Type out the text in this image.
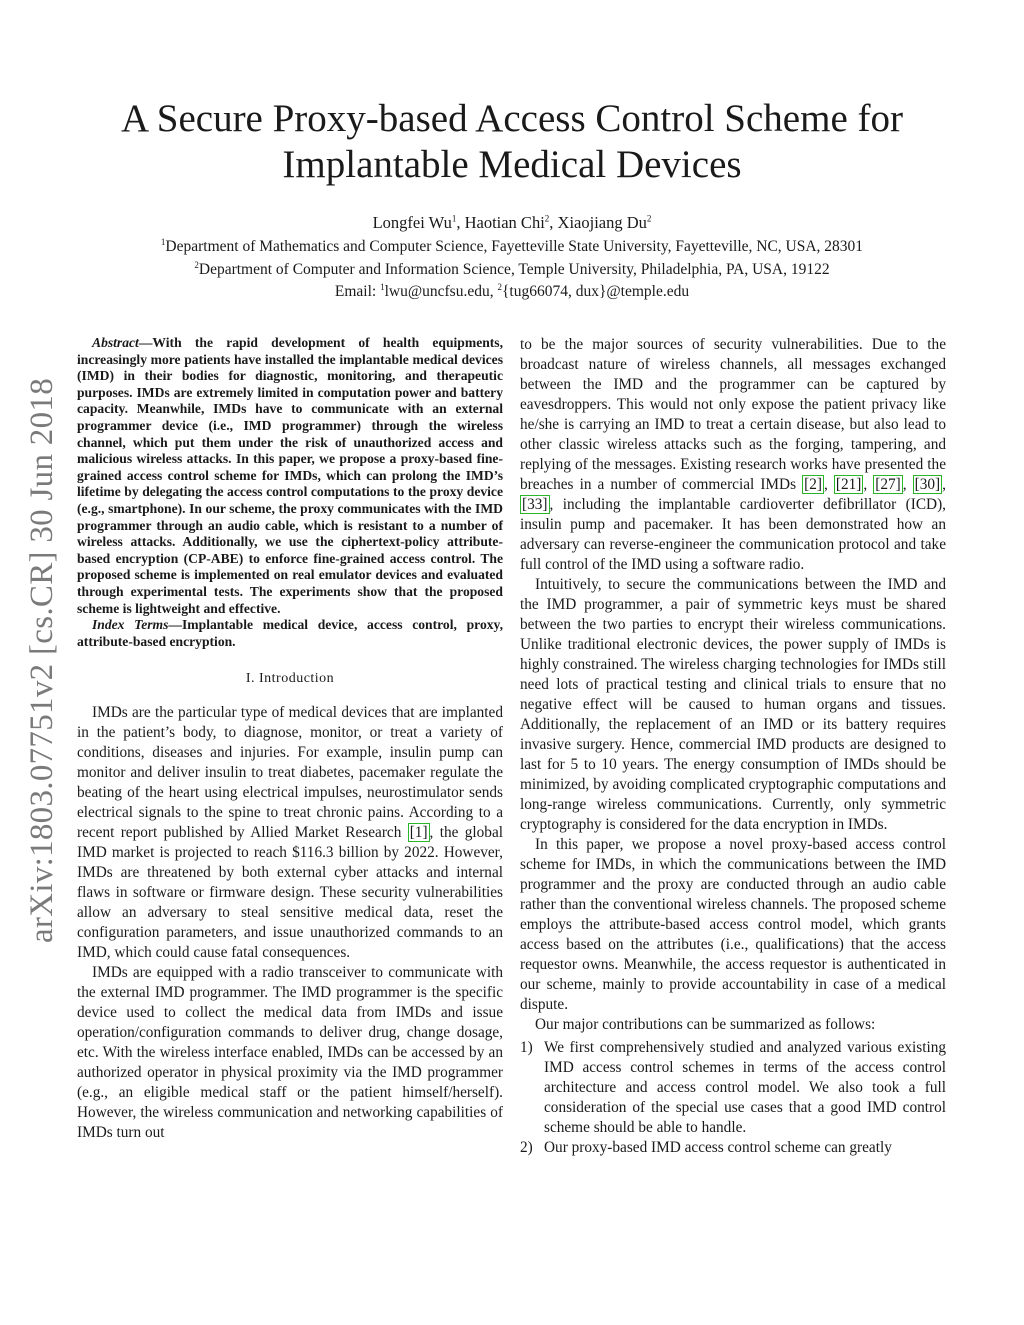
arXiv:1803.07751v2 [cs.CR] 30 Jun 2018
A Secure Proxy-based Access Control Scheme for
Implantable Medical Devices
Longfei Wu$^1$, Haotian Chi$^2$, Xiaojiang Du$^2$
$^1$Department of Mathematics and Computer Science, Fayetteville State University, Fayetteville, NC, USA, 28301
$^2$Department of Computer and Information Science, Temple University, Philadelphia, PA, USA, 19122
Email: $^1$lwu@uncfsu.edu, $^2${tug66074, dux}@temple.edu

Abstract—With the rapid development of health equipments, increasingly more patients have installed the implantable medical devices (IMD) in their bodies for diagnostic, monitoring, and therapeutic purposes. IMDs are extremely limited in computation power and battery capacity. Meanwhile, IMDs have to communicate with an external programmer device (i.e., IMD programmer) through the wireless channel, which put them under the risk of unauthorized access and malicious wireless attacks. In this paper, we propose a proxy-based fine-grained access control scheme for IMDs, which can prolong the IMD’s lifetime by delegating the access control computations to the proxy device (e.g., smartphone). In our scheme, the proxy communicates with the IMD programmer through an audio cable, which is resistant to a number of wireless attacks. Additionally, we use the ciphertext-policy attribute-based encryption (CP-ABE) to enforce fine-grained access control. The proposed scheme is implemented on real emulator devices and evaluated through experimental tests. The experiments show that the proposed scheme is lightweight and effective.

Index Terms—Implantable medical device, access control, proxy, attribute-based encryption.

I. Introduction

IMDs are the particular type of medical devices that are implanted in the patient’s body, to diagnose, monitor, or treat a variety of conditions, diseases and injuries. For example, insulin pump can monitor and deliver insulin to treat diabetes, pacemaker regulate the beating of the heart using electrical impulses, neurostimulator sends electrical signals to the spine to treat chronic pains. According to a recent report published by Allied Market Research [1] , the global IMD market is projected to reach $116.3 billion by 2022. However, IMDs are threatened by both external cyber attacks and internal flaws in software or firmware design. These security vulnerabilities allow an adversary to steal sensitive medical data, reset the configuration parameters, and issue unauthorized commands to an IMD, which could cause fatal consequences.

IMDs are equipped with a radio transceiver to communicate with the external IMD programmer. The IMD programmer is the specific device used to collect the medical data from IMDs and issue operation/configuration commands to deliver drug, change dosage, etc. With the wireless interface enabled, IMDs can be accessed by an authorized operator in physical proximity via the IMD programmer (e.g., an eligible medical staff or the patient himself/herself). However, the wireless communication and networking capabilities of IMDs turn out

to be the major sources of security vulnerabilities. Due to the broadcast nature of wireless channels, all messages exchanged between the IMD and the programmer can be captured by eavesdroppers. This would not only expose the patient privacy like he/she is carrying an IMD to treat a certain disease, but also lead to other classic wireless attacks such as the forging, tampering, and replying of the messages. Existing research works have presented the breaches in a number of commercial IMDs [2] , [21] , [27] , [30] , [33] , including the implantable cardioverter defibrillator (ICD), insulin pump and pacemaker. It has been demonstrated how an adversary can reverse-engineer the communication protocol and take full control of the IMD using a software radio.

Intuitively, to secure the communications between the IMD and the IMD programmer, a pair of symmetric keys must be shared between the two parties to encrypt their wireless communications. Unlike traditional electronic devices, the power supply of IMDs is highly constrained. The wireless charging technologies for IMDs still need lots of practical testing and clinical trials to ensure that no negative effect will be caused to human organs and tissues. Additionally, the replacement of an IMD or its battery requires invasive surgery. Hence, commercial IMD products are designed to last for 5 to 10 years. The energy consumption of IMDs should be minimized, by avoiding complicated cryptographic computations and long-range wireless communications. Currently, only symmetric cryptography is considered for the data encryption in IMDs.

In this paper, we propose a novel proxy-based access control scheme for IMDs, in which the communications between the IMD programmer and the proxy are conducted through an audio cable rather than the conventional wireless channels. The proposed scheme employs the attribute-based access control model, which grants access based on the attributes (i.e., qualifications) that the access requestor owns. Meanwhile, the access requestor is authenticated in our scheme, mainly to provide accountability in case of a medical dispute.

Our major contributions can be summarized as follows:

1) We first comprehensively studied and analyzed various existing IMD access control schemes in terms of the access control architecture and access control model. We also took a full consideration of the special use cases that a good IMD control scheme should be able to handle.
2) Our proxy-based IMD access control scheme can greatly
